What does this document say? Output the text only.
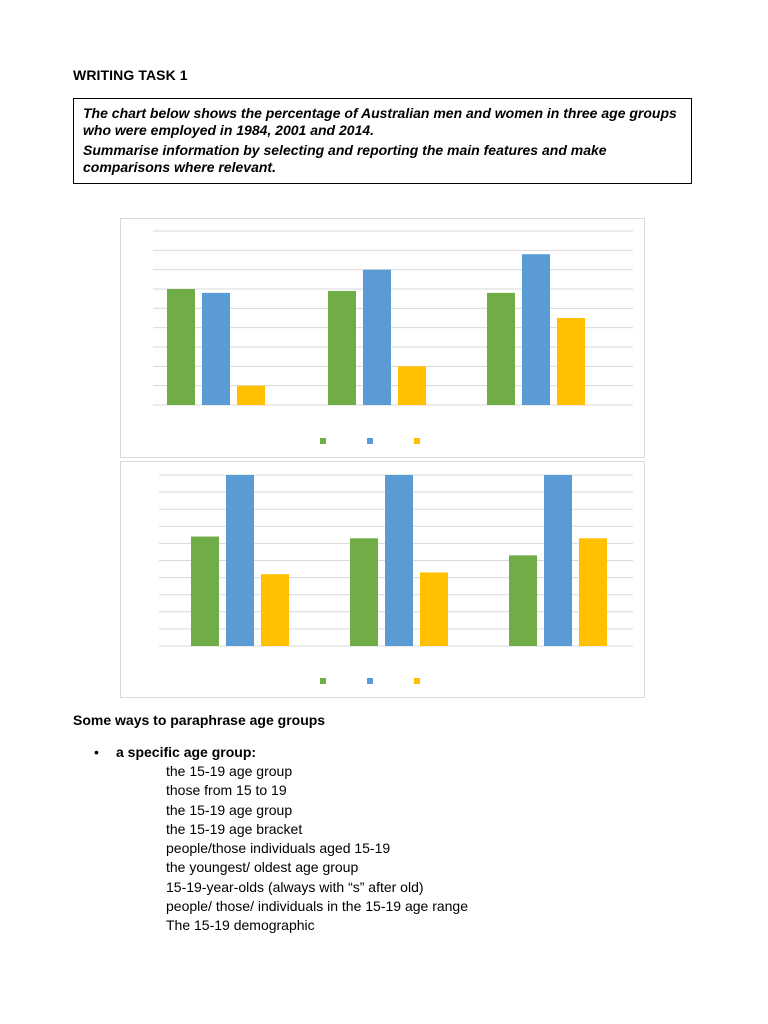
WRITING TASK 1

The chart below shows the percentage of Australian men and women in three age groups who were employed in 1984, 2001 and 2014.

Summarise information by selecting and reporting the main features and make comparisons where relevant.

Some ways to paraphrase age groups
• a specific age group:
the 15-19 age group
those from 15 to 19
the 15-19 age group
the 15-19 age bracket
people/those individuals aged 15-19
the youngest/ oldest age group
15-19-year-olds (always with “s” after old)
people/ those/ individuals in the 15-19 age range
The 15-19 demographic
